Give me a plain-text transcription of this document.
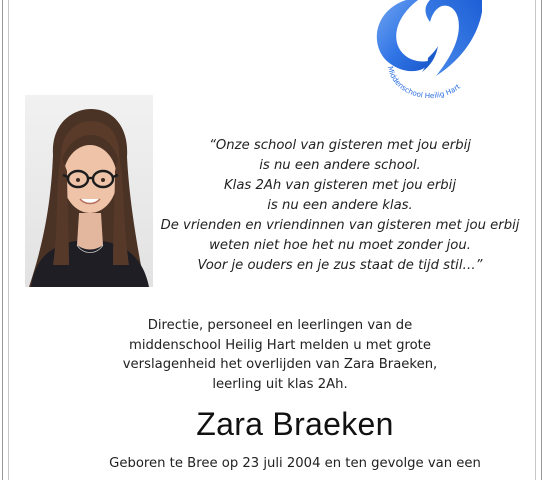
Middenschool Heilig Hart
“Onze school van gisteren met jou erbij
is nu een andere school.
Klas 2Ah van gisteren met jou erbij
is nu een andere klas.
De vrienden en vriendinnen van gisteren met jou erbij
weten niet hoe het nu moet zonder jou.
Voor je ouders en je zus staat de tijd stil…”
Directie, personeel en leerlingen van de
middenschool Heilig Hart melden u met grote
verslagenheid het overlijden van Zara Braeken,
leerling uit klas 2Ah.
Zara Braeken
Geboren te Bree op 23 juli 2004 en ten gevolge van een
